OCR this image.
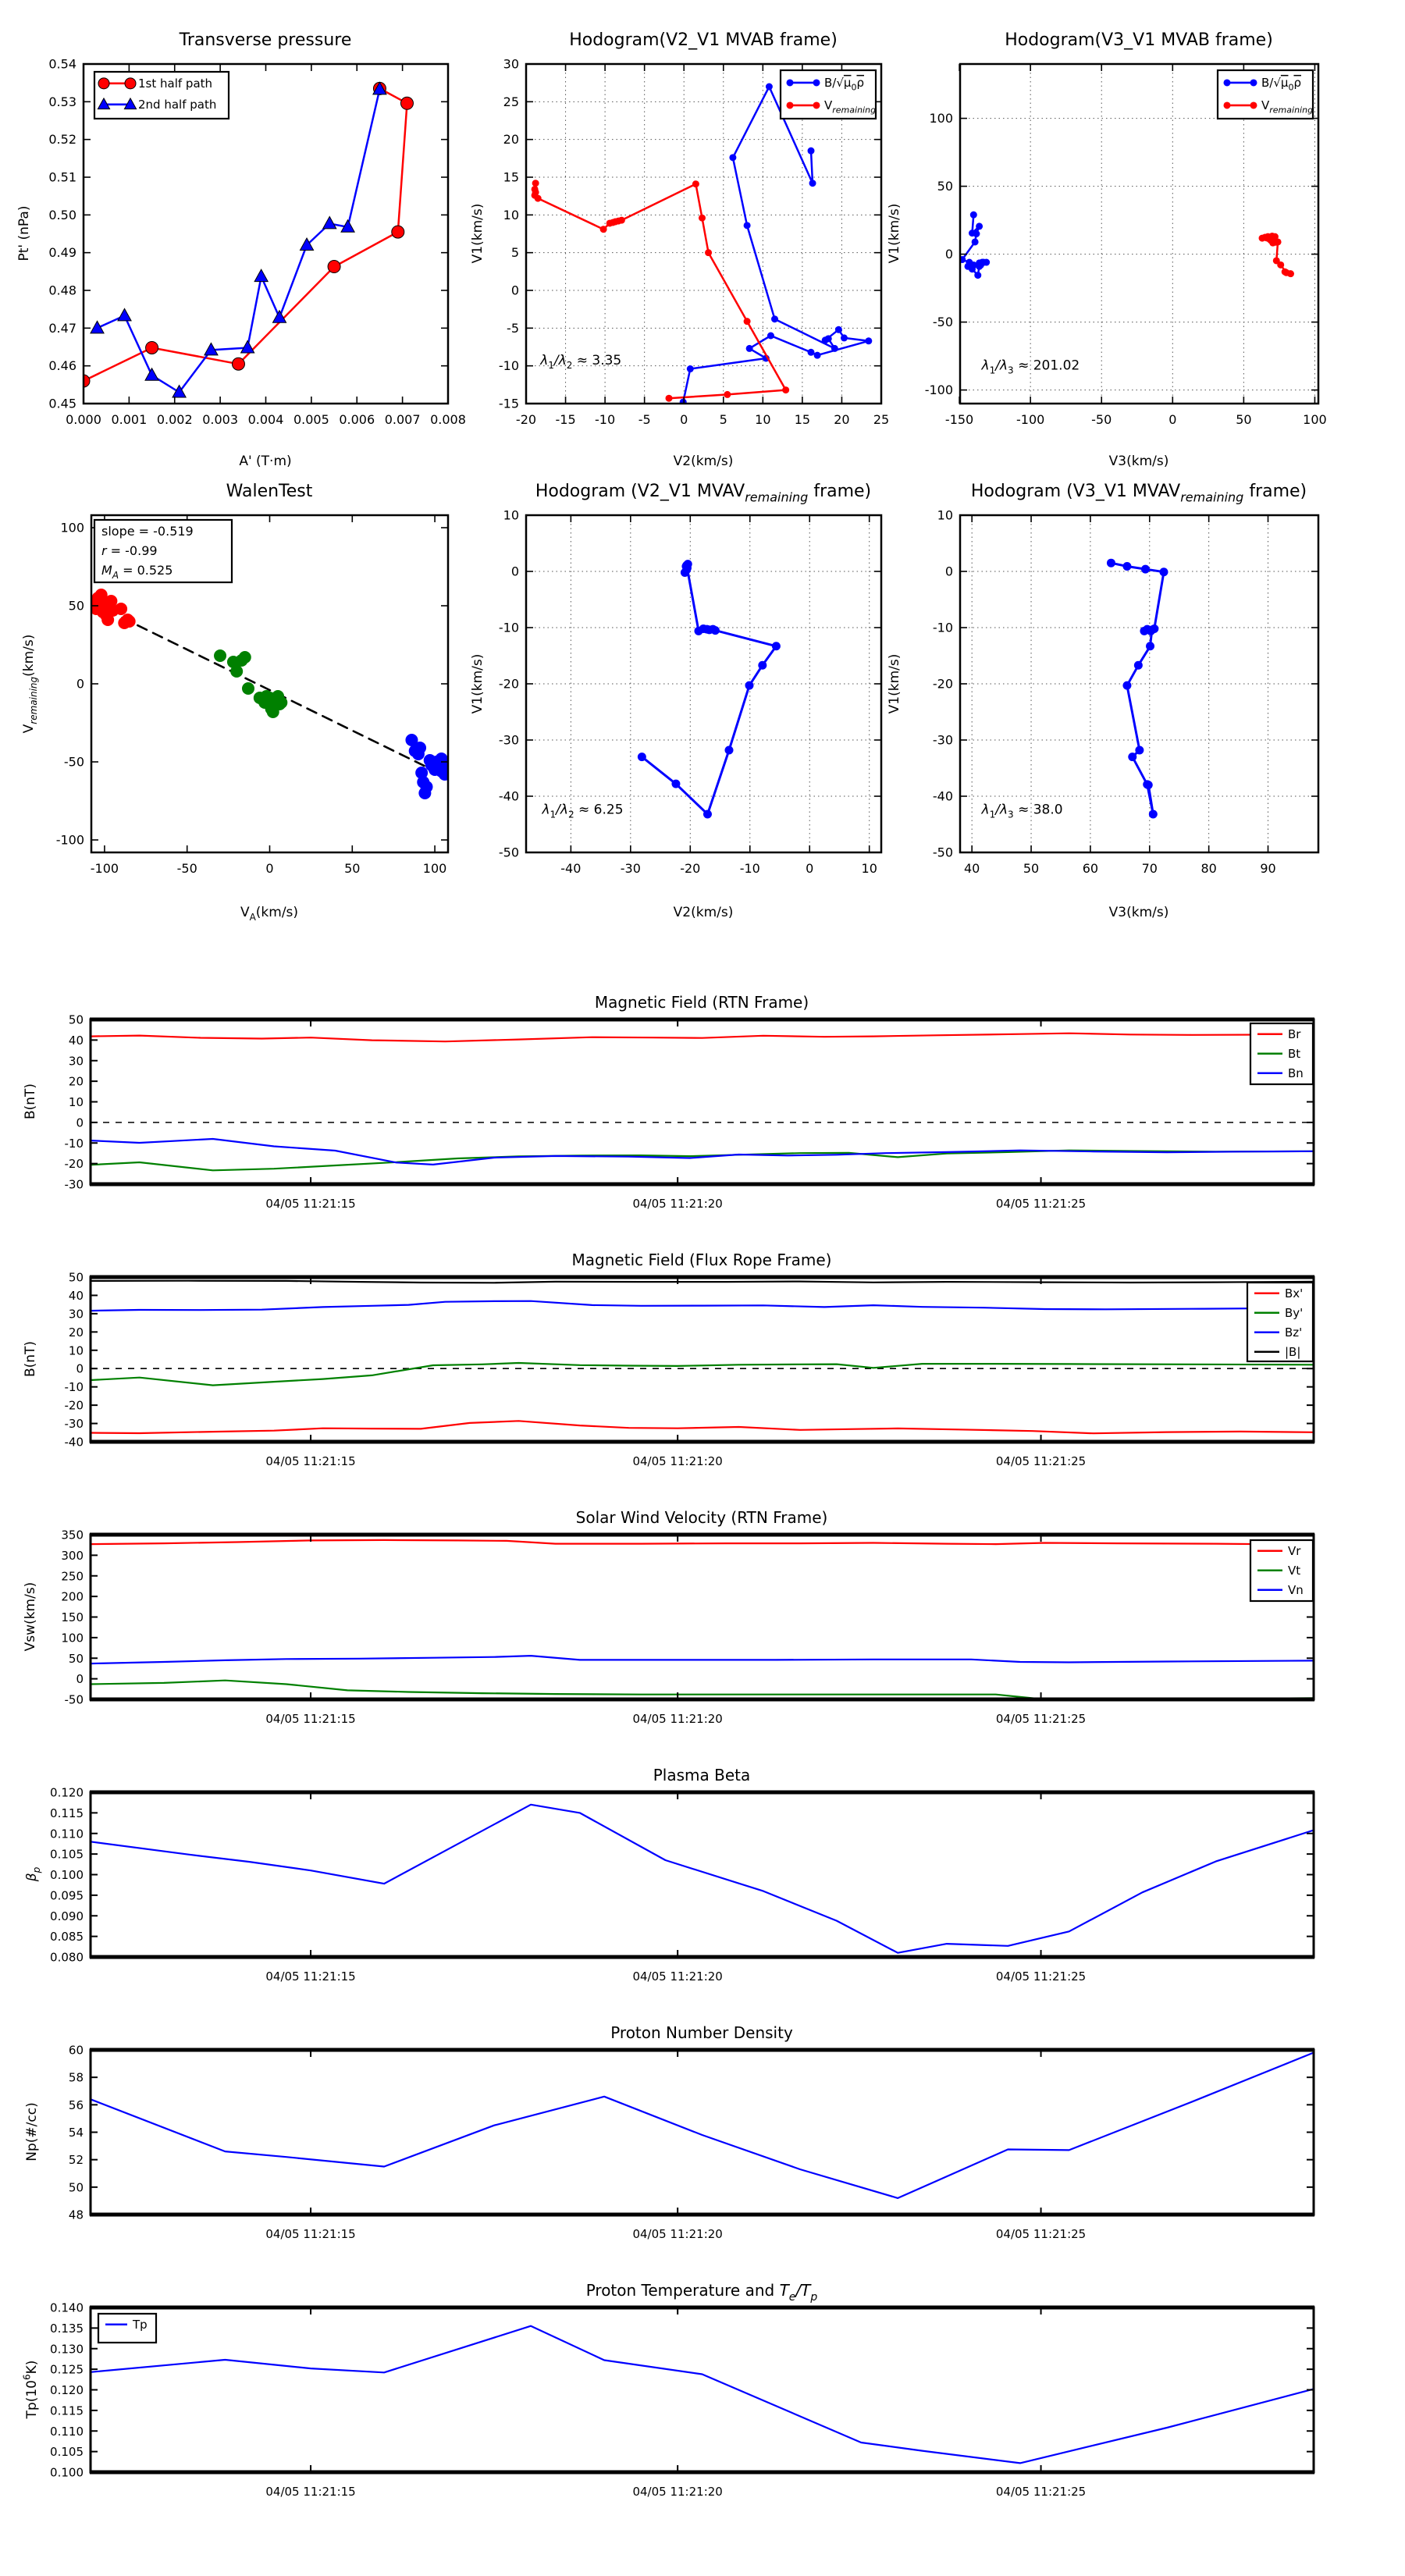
0.000 0.001 0.002 0.003 0.004 0.005 0.006 0.007 0.008
0.45
0.46
0.47
0.48
0.49
0.50
0.51
0.52
0.53
0.54
Transverse pressure
A' (T·m)
Pt' (nPa)
1st half path
2nd half path
-20 -15 -10 -5 0	5 10 15 20 25
-15
-10
-5
0
5
10
15
20
25
30
Hodogram(V2_V1 MVAB frame)
V2(km/s)
V1(km/s)
$\lambda_1/\lambda_2 \approx 3.35$
$B/√\mu_0\rho$
$V_{remaining}$
-150	-100	-50	0	50	100
-100
-50
0
50
100
Hodogram(V3_V1 MVAB frame)
V3(km/s)
V1(km/s)
$\lambda_1/\lambda_3 \approx 201.02$
$B/√\mu_0\rho$
$V_{remaining}$
-100	-50	0	50	100
-100
-50
0
50
100
WalenTest
$V_A(km/s)$
$V_{remaining}(km/s)$
slope = -0.519
r = -0.99
$M_A = 0.525$
-40	-30	-20	-10	0	10
-50
-40
-30
-20
-10
0
10
Hodogram (V2_V1 $MVAV_{remaining}$ frame)
V2(km/s)
V1(km/s)
$\lambda_1/\lambda_2 \approx 6.25$
40	50	60	70	80	90
-50
-40
-30
-20
-10
0
10
Hodogram (V3_V1 $MVAV_{remaining}$ frame)
V3(km/s)
V1(km/s)
$\lambda_1/\lambda_3 \approx 38.0$
04/05 11:21:15	04/05 11:21:20	04/05 11:21:25
-30
-20
-10
0
10
20
30
40
50
Magnetic Field (RTN Frame)
B(nT)
Br
Bt
Bn
04/05 11:21:15	04/05 11:21:20	04/05 11:21:25
-40
-30
-20
-10
0
10
20
30
40
50
Magnetic Field (Flux Rope Frame)
B(nT)
Bx'
By'
Bz'
|B|
04/05 11:21:15	04/05 11:21:20	04/05 11:21:25
-50
0
50
100
150
200
250
300
350
Solar Wind Velocity (RTN Frame)
Vsw(km/s)
Vr
Vt
Vn
04/05 11:21:15	04/05 11:21:20	04/05 11:21:25
0.080
0.085
0.090
0.095
0.100
0.105
0.110
0.115
0.120
Plasma Beta
$\beta_p$
04/05 11:21:15	04/05 11:21:20	04/05 11:21:25
48
50
52
54
56
58
60
Proton Number Density
Np(#/cc)
04/05 11:21:15	04/05 11:21:20	04/05 11:21:25
0.100
0.105
0.110
0.115
0.120
0.125
0.130
0.135
0.140
Proton Temperature and $T_e/T_p$
$Tp(10^6K)$
Tp
